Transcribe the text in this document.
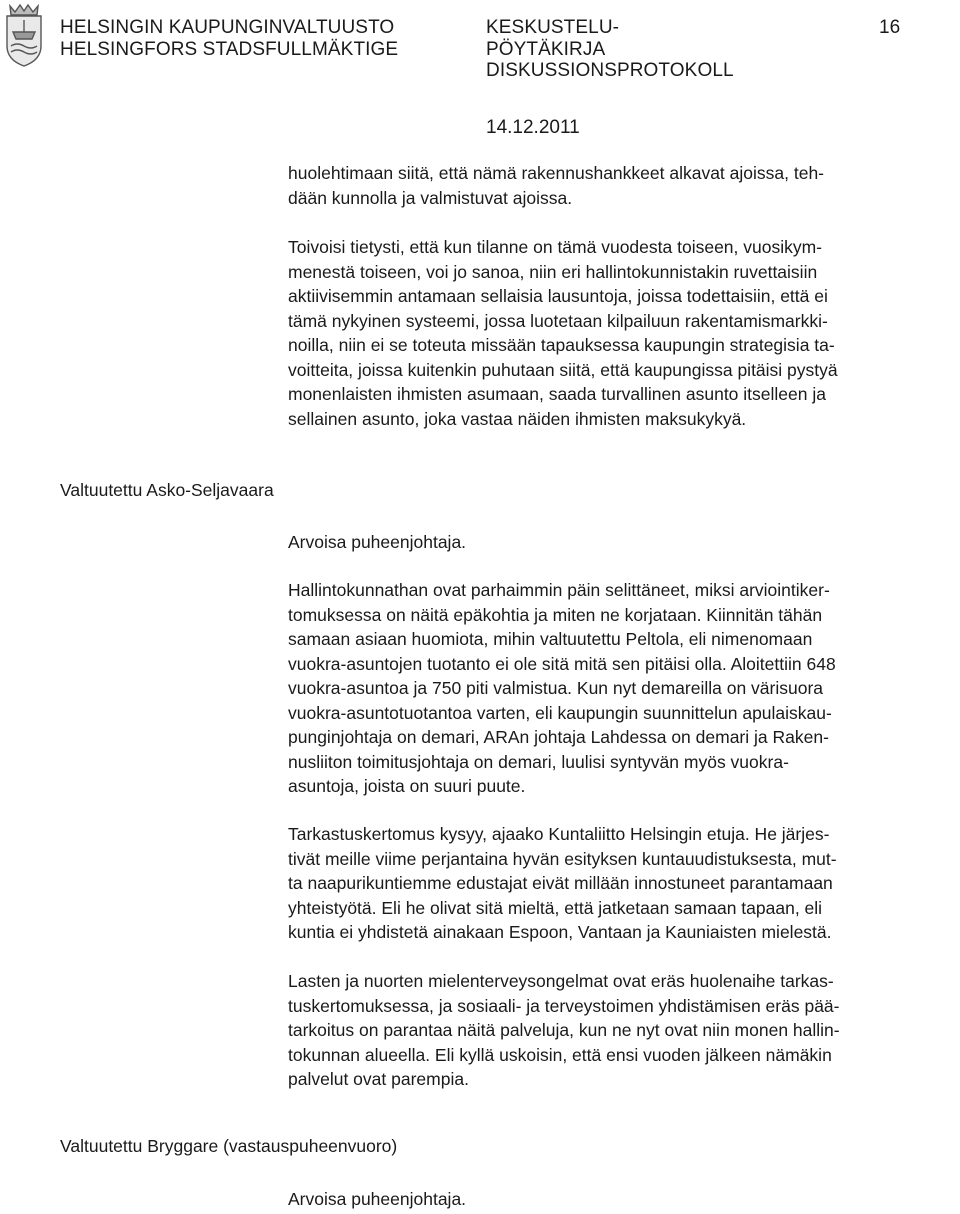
HELSINGIN KAUPUNGINVALTUUSTO
HELSINGFORS STADSFULLMÄKTIGE
KESKUSTELU-
PÖYTÄKIRJA
DISKUSSIONSPROTOKOLL
16
14.12.2011

huolehtimaan siitä, että nämä rakennushankkeet alkavat ajoissa, teh-
dään kunnolla ja valmistuvat ajoissa.

Toivoisi tietysti, että kun tilanne on tämä vuodesta toiseen, vuosikym-
menestä toiseen, voi jo sanoa, niin eri hallintokunnistakin ruvettaisiin
aktiivisemmin antamaan sellaisia lausuntoja, joissa todettaisiin, että ei
tämä nykyinen systeemi, jossa luotetaan kilpailuun rakentamismarkki-
noilla, niin ei se toteuta missään tapauksessa kaupungin strategisia ta-
voitteita, joissa kuitenkin puhutaan siitä, että kaupungissa pitäisi pystyä
monenlaisten ihmisten asumaan, saada turvallinen asunto itselleen ja
sellainen asunto, joka vastaa näiden ihmisten maksukykyä.

Valtuutettu Asko-Seljavaara

Arvoisa puheenjohtaja.

Hallintokunnathan ovat parhaimmin päin selittäneet, miksi arviointiker-
tomuksessa on näitä epäkohtia ja miten ne korjataan. Kiinnitän tähän
samaan asiaan huomiota, mihin valtuutettu Peltola, eli nimenomaan
vuokra-asuntojen tuotanto ei ole sitä mitä sen pitäisi olla. Aloitettiin 648
vuokra-asuntoa ja 750 piti valmistua. Kun nyt demareilla on värisuora
vuokra-asuntotuotantoa varten, eli kaupungin suunnittelun apulaiskau-
punginjohtaja on demari, ARAn johtaja Lahdessa on demari ja Raken-
nusliiton toimitusjohtaja on demari, luulisi syntyvän myös vuokra-
asuntoja, joista on suuri puute.

Tarkastuskertomus kysyy, ajaako Kuntaliitto Helsingin etuja. He järjes-
tivät meille viime perjantaina hyvän esityksen kuntauudistuksesta, mut-
ta naapurikuntiemme edustajat eivät millään innostuneet parantamaan
yhteistyötä. Eli he olivat sitä mieltä, että jatketaan samaan tapaan, eli
kuntia ei yhdistetä ainakaan Espoon, Vantaan ja Kauniaisten mielestä.

Lasten ja nuorten mielenterveysongelmat ovat eräs huolenaihe tarkas-
tuskertomuksessa, ja sosiaali- ja terveystoimen yhdistämisen eräs pää-
tarkoitus on parantaa näitä palveluja, kun ne nyt ovat niin monen hallin-
tokunnan alueella. Eli kyllä uskoisin, että ensi vuoden jälkeen nämäkin
palvelut ovat parempia.

Valtuutettu Bryggare (vastauspuheenvuoro)

Arvoisa puheenjohtaja.
